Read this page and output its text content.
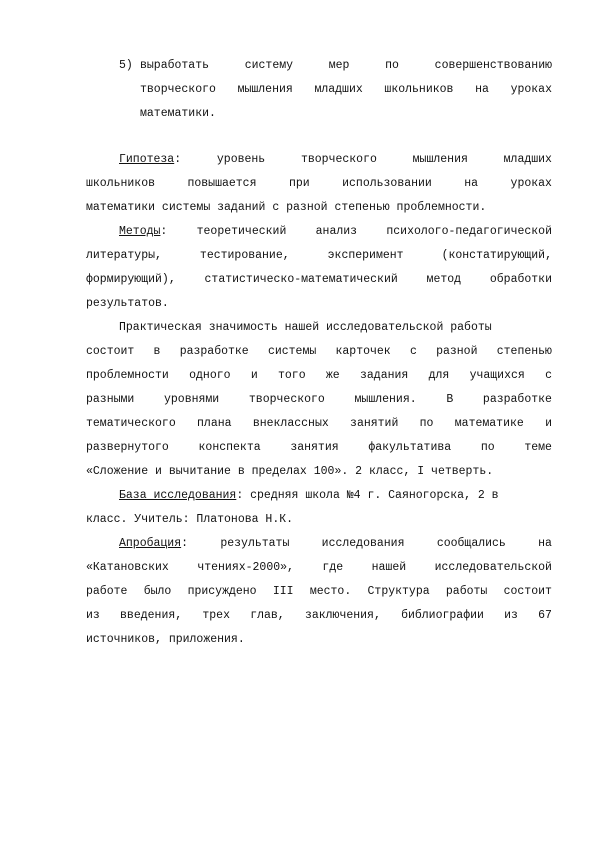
5) выработать	систему	мер	по	совершенствованию
творческого мышления младших школьников на уроках
математики.
Гипотеза :	уровень	творческого	мышления	младших
школьников	повышается	при	использовании	на	уроках
математики системы заданий с разной степенью проблемности.
Методы :	теоретический	анализ	психолого-педагогической
литературы,	тестирование,	эксперимент	(констатирующий,
формирующий),	статистическо-математический	метод	обработки
результатов.
Практическая значимость нашей исследовательской работы
состоит в разработке системы карточек с разной степенью
проблемности одного и того же задания для учащихся с
разными	уровнями	творческого	мышления.	В	разработке
тематического плана внеклассных занятий по математике и
развернутого	конспекта	занятия	факультатива	по	теме
«Сложение и вычитание в пределах 100». 2 класс, I четверть.
База исследования : средняя школа №4 г. Саяногорска, 2 в
класс. Учитель: Платонова Н.К.
Апробация :	результаты	исследования	сообщались	на
«Катановских чтениях-2000», где нашей исследовательской
работе было присуждено III место. Структура работы состоит
из введения, трех глав, заключения, библиографии из 67
источников, приложения.
